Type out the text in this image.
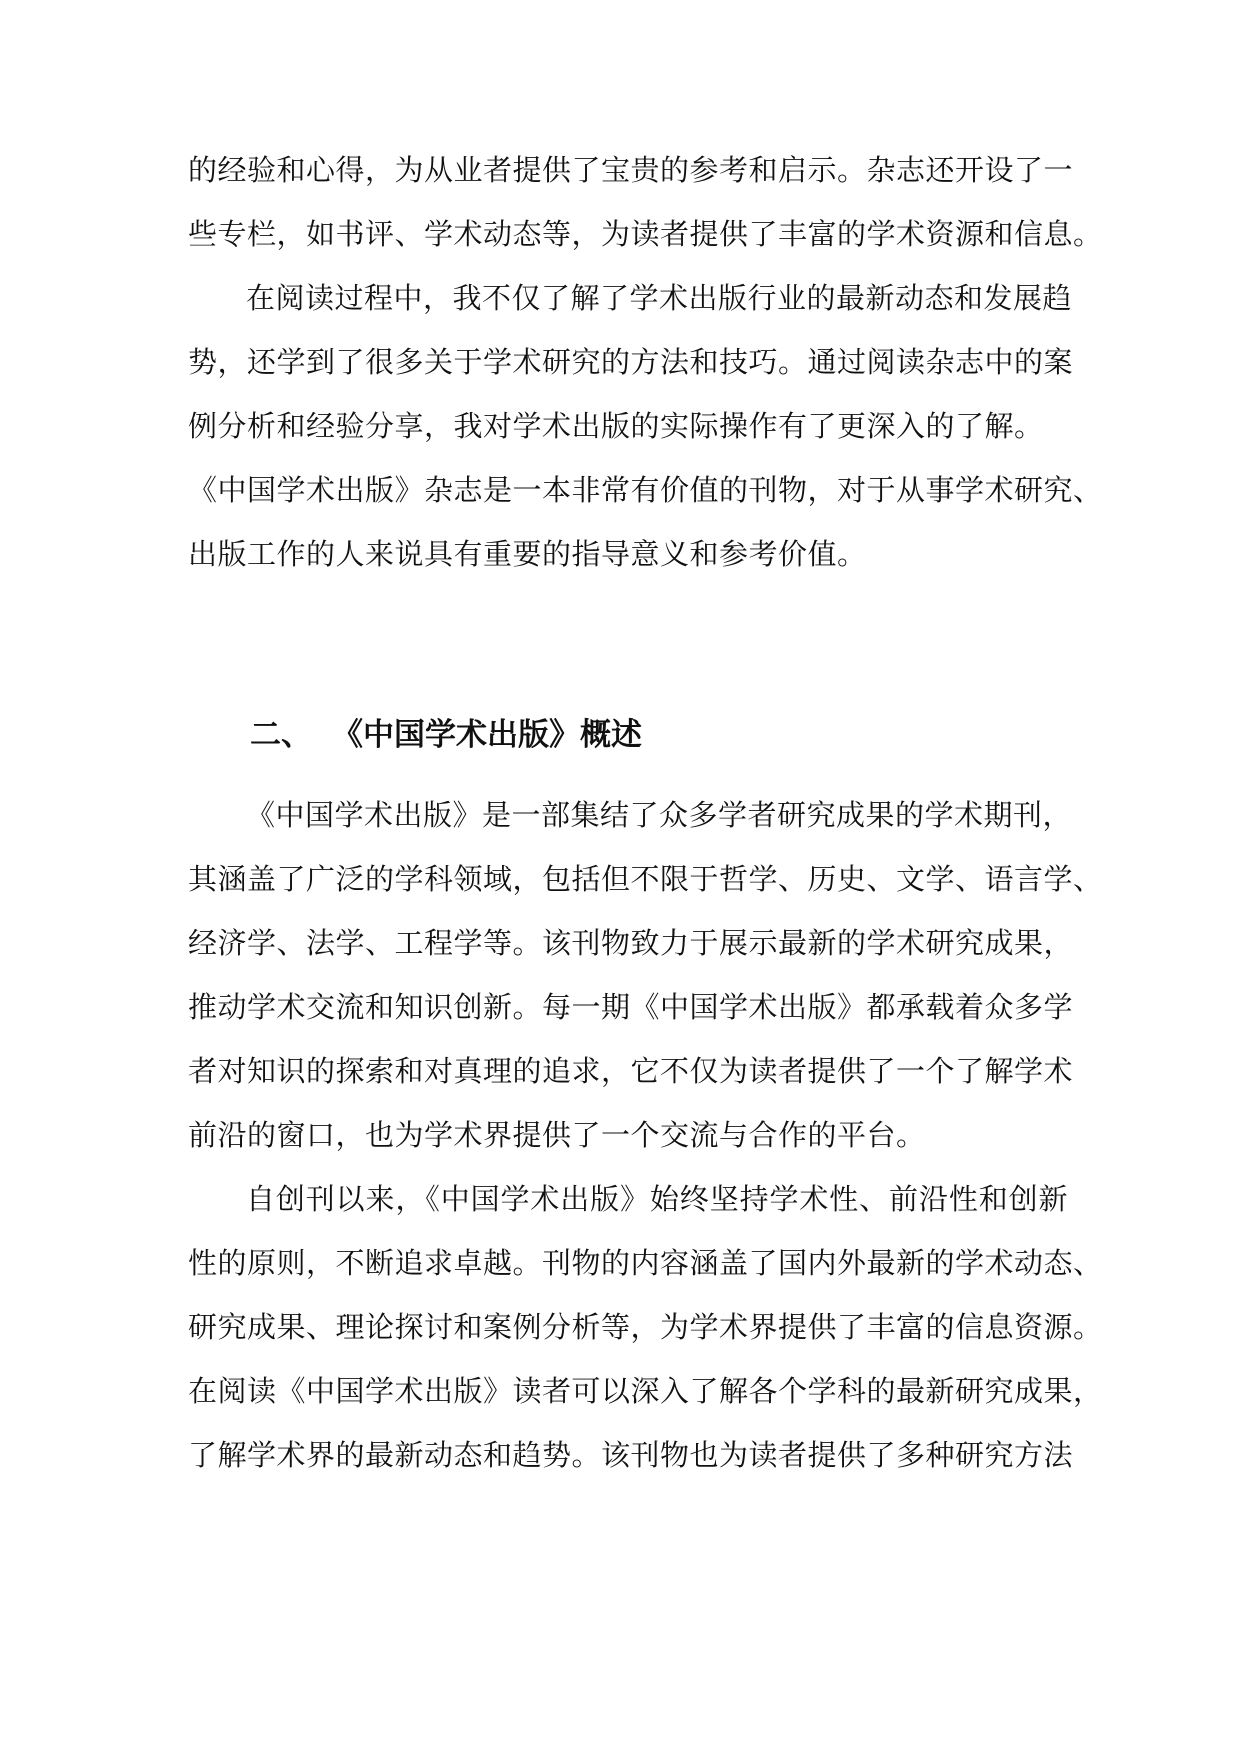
的经验和心得，为从业者提供了宝贵的参考和启示。杂志还开设了一
些专栏，如书评、学术动态等，为读者提供了丰富的学术资源和信息。
在阅读过程中，我不仅了解了学术出版行业的最新动态和发展趋
势，还学到了很多关于学术研究的方法和技巧。通过阅读杂志中的案
例分析和经验分享，我对学术出版的实际操作有了更深入的了解。
《中国学术出版》杂志是一本非常有价值的刊物，对于从事学术研究、
出版工作的人来说具有重要的指导意义和参考价值。
二、 《中国学术出版》概述
《中国学术出版》是一部集结了众多学者研究成果的学术期刊，
其涵盖了广泛的学科领域，包括但不限于哲学、历史、文学、语言学、
经济学、法学、工程学等。该刊物致力于展示最新的学术研究成果，
推动学术交流和知识创新。每一期《中国学术出版》都承载着众多学
者对知识的探索和对真理的追求，它不仅为读者提供了一个了解学术
前沿的窗口，也为学术界提供了一个交流与合作的平台。
自创刊以来，《中国学术出版》始终坚持学术性、前沿性和创新
性的原则，不断追求卓越。刊物的内容涵盖了国内外最新的学术动态、
研究成果、理论探讨和案例分析等，为学术界提供了丰富的信息资源。
在阅读《中国学术出版》读者可以深入了解各个学科的最新研究成果，
了解学术界的最新动态和趋势。该刊物也为读者提供了多种研究方法
